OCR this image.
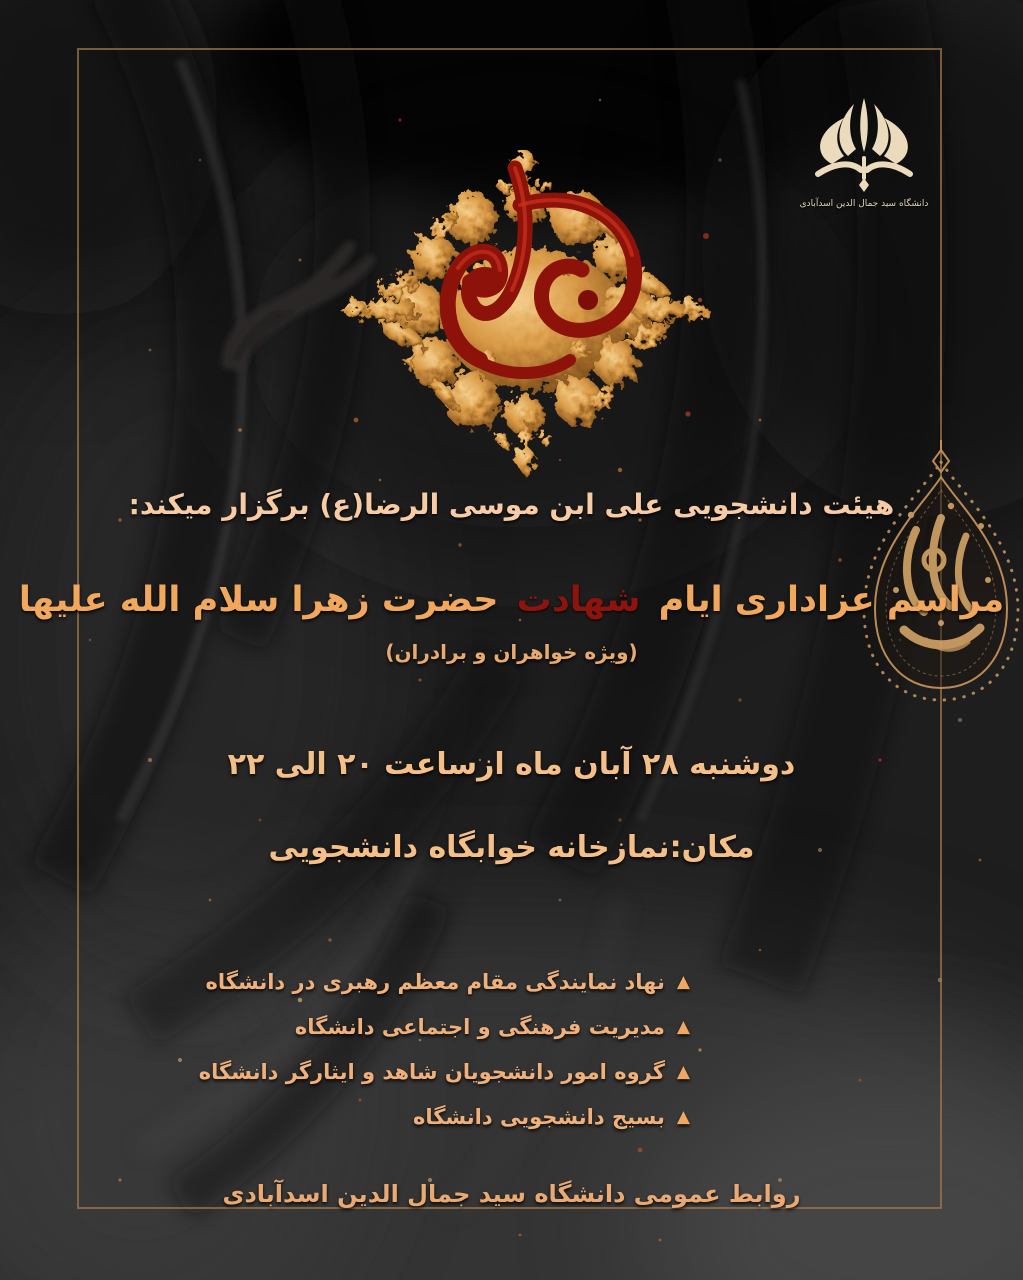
دانشگاه سید جمال الدین اسدآبادی
هیئت دانشجویی علی ابن موسی الرضا(ع) برگزار میکند:
مراسم عزاداری ایام شهادت حضرت زهرا سلام الله علیها
(ویژه خواهران و برادران)
دوشنبه ۲۸ آبان ماه ازساعت ۲۰ الی ۲۲
مکان:نمازخانه خوابگاه دانشجویی
▲نهاد نمایندگی مقام معظم رهبری در دانشگاه
▲مدیریت فرهنگی و اجتماعی دانشگاه
▲گروه امور دانشجویان شاهد و ایثارگر دانشگاه
▲بسیج دانشجویی دانشگاه
روابط عمومی دانشگاه سید جمال الدین اسدآبادی
